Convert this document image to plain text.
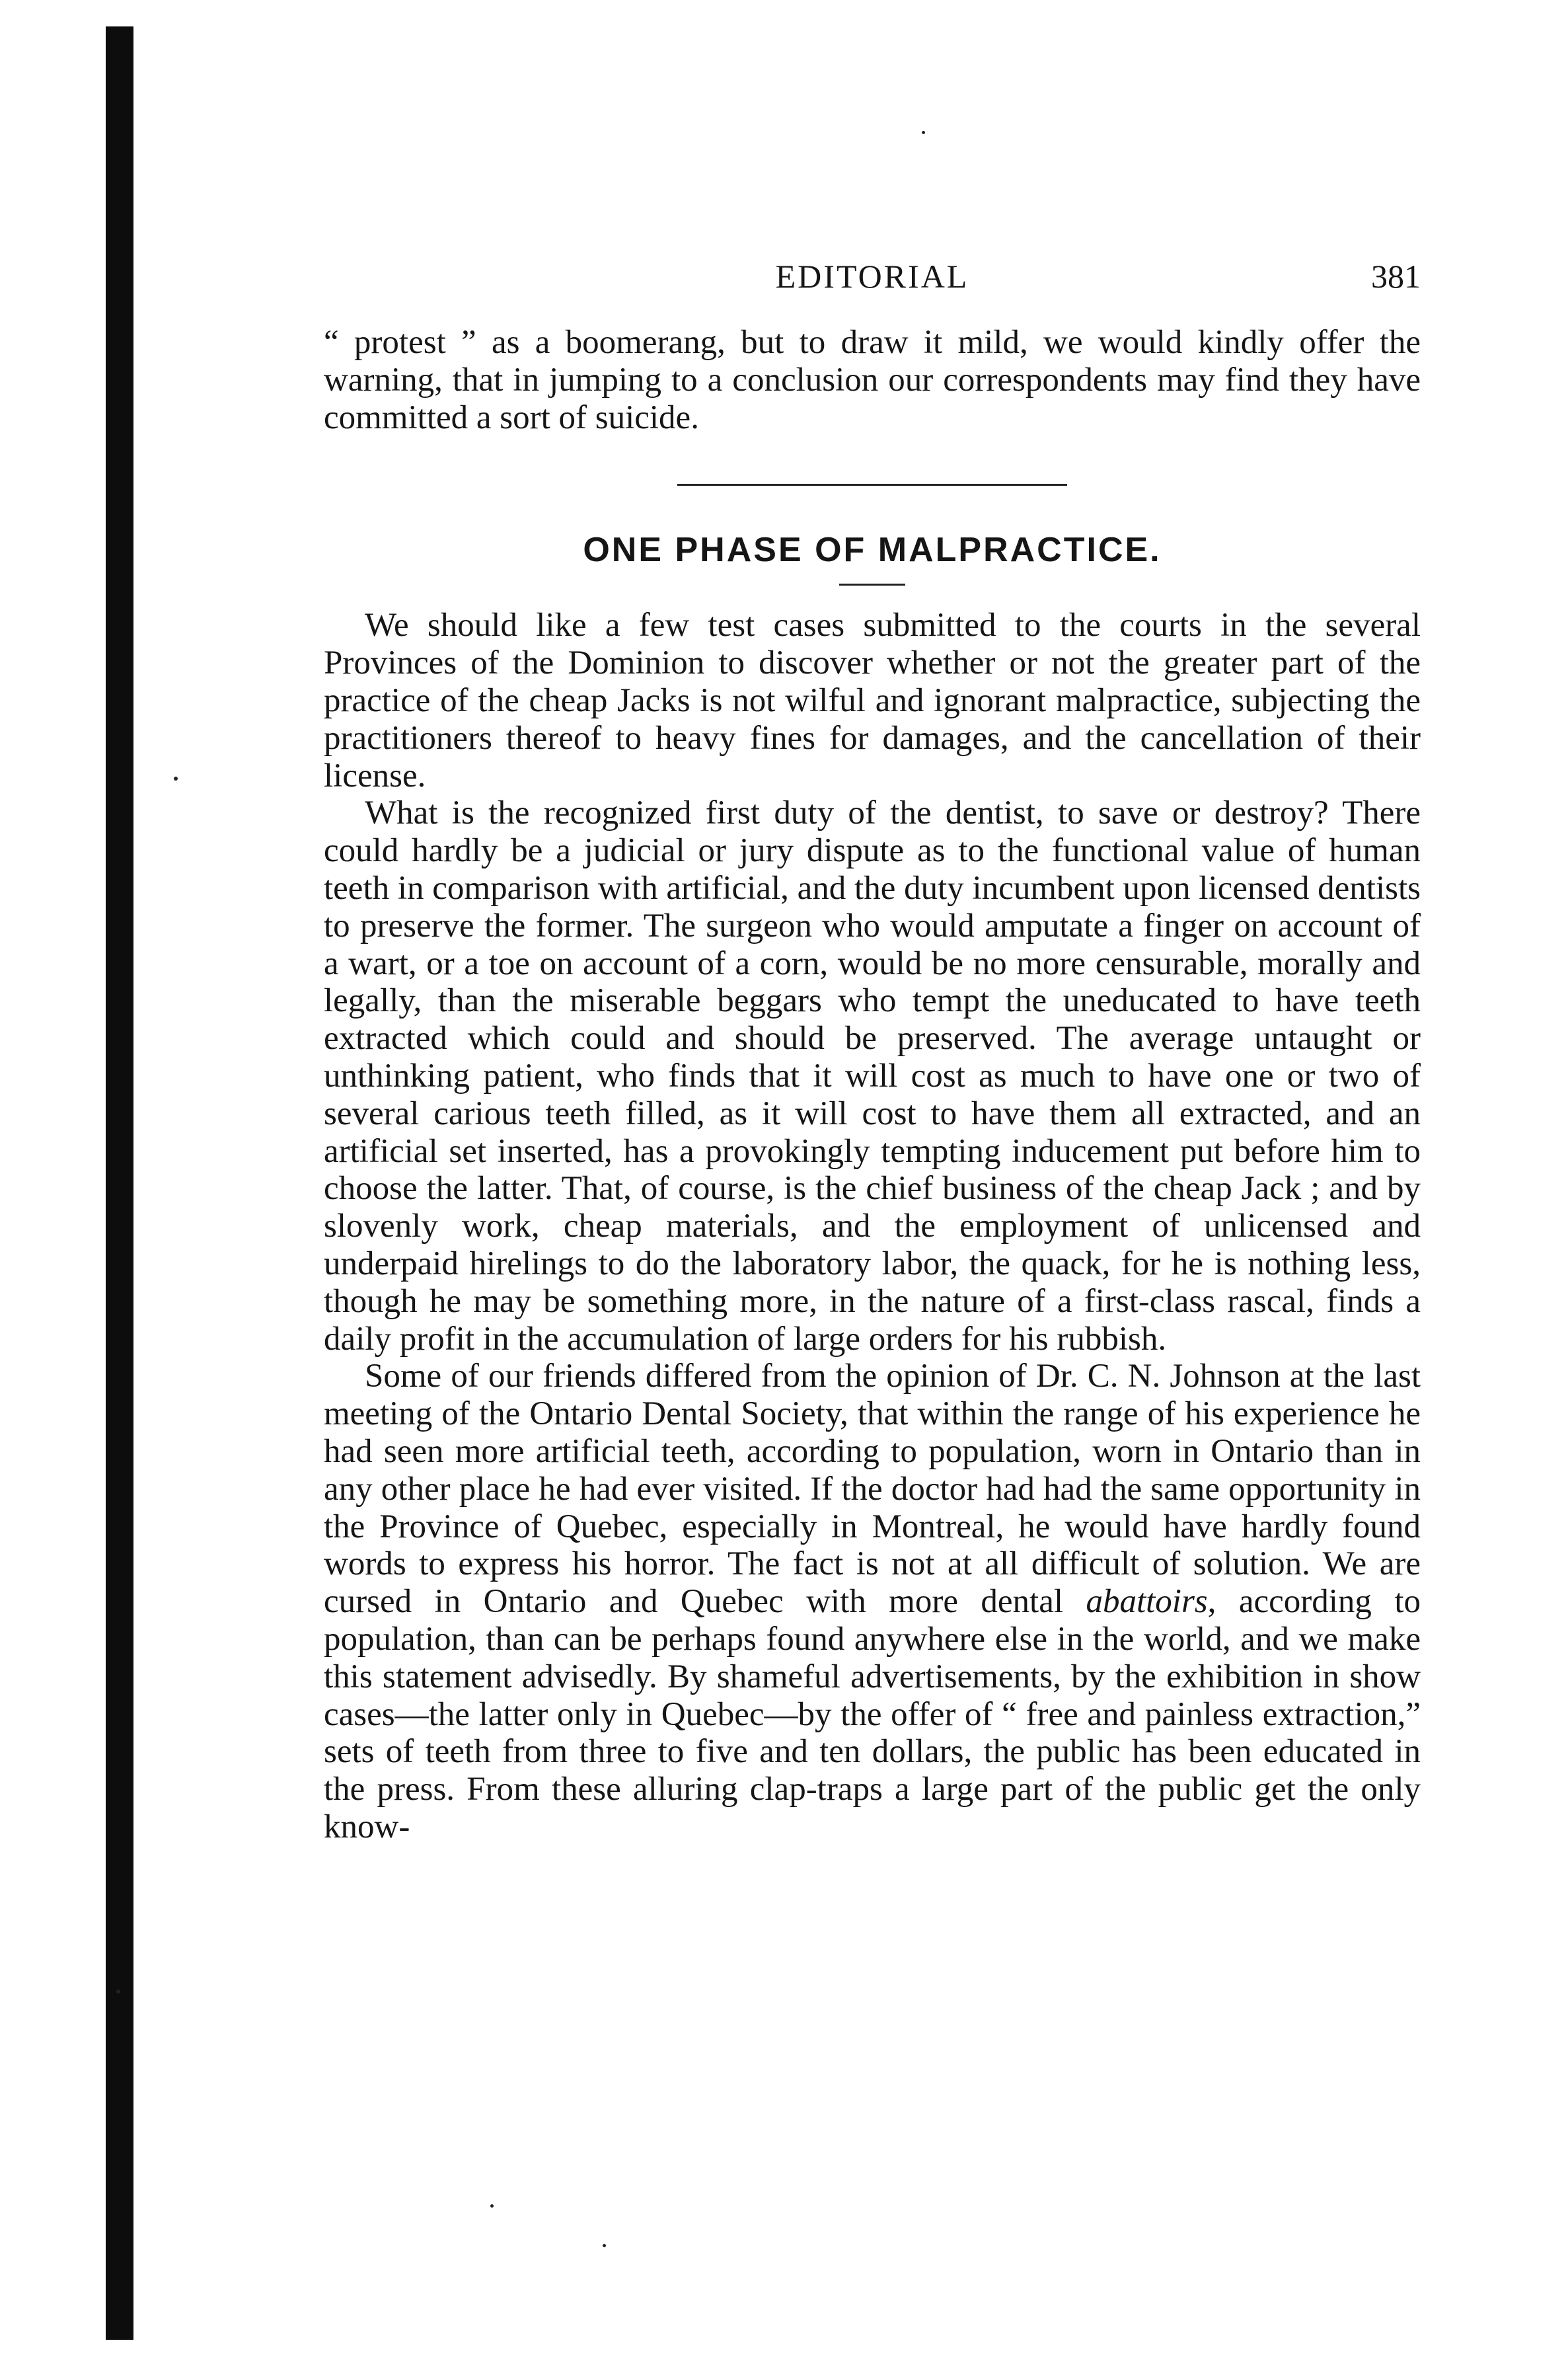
EDITORIAL	381

“ protest ” as a boomerang, but to draw it mild, we would kindly offer the warning, that in jumping to a conclusion our correspondents may find they have committed a sort of suicide.

ONE PHASE OF MALPRACTICE.

We should like a few test cases submitted to the courts in the several Provinces of the Dominion to discover whether or not the greater part of the practice of the cheap Jacks is not wilful and ignorant malpractice, subjecting the practitioners thereof to heavy fines for damages, and the cancellation of their license.

What is the recognized first duty of the dentist, to save or destroy? There could hardly be a judicial or jury dispute as to the functional value of human teeth in comparison with artificial, and the duty incumbent upon licensed dentists to preserve the former. The surgeon who would amputate a finger on account of a wart, or a toe on account of a corn, would be no more censurable, morally and legally, than the miserable beggars who tempt the uneducated to have teeth extracted which could and should be preserved. The average untaught or unthinking patient, who finds that it will cost as much to have one or two of several carious teeth filled, as it will cost to have them all extracted, and an artificial set inserted, has a provokingly tempting inducement put before him to choose the latter. That, of course, is the chief business of the cheap Jack ; and by slovenly work, cheap materials, and the employment of unlicensed and underpaid hirelings to do the laboratory labor, the quack, for he is nothing less, though he may be something more, in the nature of a first-class rascal, finds a daily profit in the accumulation of large orders for his rubbish.

Some of our friends differed from the opinion of Dr. C. N. Johnson at the last meeting of the Ontario Dental Society, that within the range of his experience he had seen more artificial teeth, according to population, worn in Ontario than in any other place he had ever visited. If the doctor had had the same opportunity in the Province of Quebec, especially in Montreal, he would have hardly found words to express his horror. The fact is not at all difficult of solution. We are cursed in Ontario and Quebec with more dental abattoirs, according to population, than can be perhaps found anywhere else in the world, and we make this statement advisedly. By shameful advertisements, by the exhibition in show cases—the latter only in Quebec—by the offer of “ free and painless extraction,” sets of teeth from three to five and ten dollars, the public has been educated in the press. From these alluring clap-traps a large part of the public get the only know-
